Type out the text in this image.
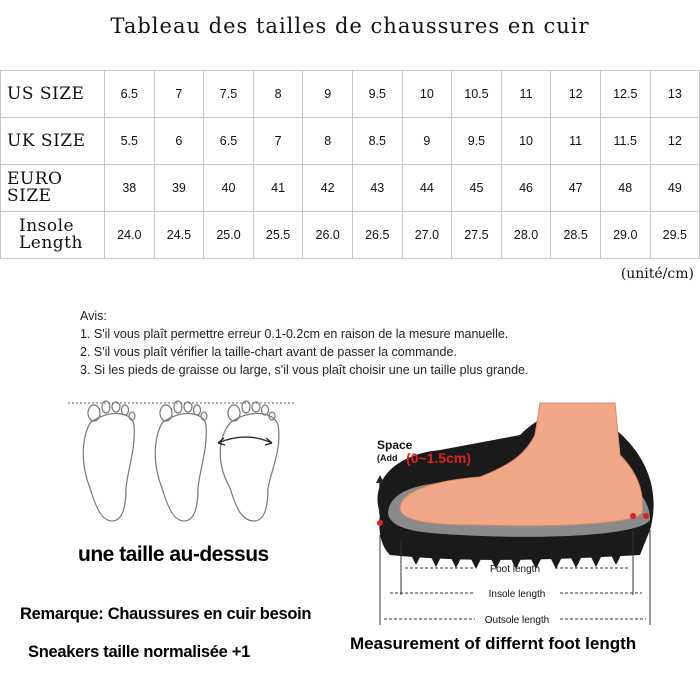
Tableau des tailles de chaussures en cuir
US SIZE	6.5	7	7.5	8	9	9.5	10	10.5	11	12	12.5	13
UK SIZE	5.5	6	6.5	7	8	8.5	9	9.5	10	11	11.5	12
EURO SIZE	38	39	40	41	42	43	44	45	46	47	48	49

Insole
Length	24.0	24.5	25.0	25.5	26.0	26.5	27.0	27.5	28.0	28.5	29.0	29.5
(unité/cm)
Avis:
1. S'il vous plaît permettre erreur 0.1-0.2cm en raison de la mesure manuelle.
2. S'il vous plaît vérifier la taille-chart avant de passer la commande.
3. Si les pieds de graisse ou large, s'il vous plaît choisir une un taille plus grande.
une taille au-dessus
Remarque: Chaussures en cuir besoin
Sneakers taille normalisée +1
Foot length
Insole length
Outsole length
Space
(Add (0~1.5cm)
Measurement of differnt foot length
